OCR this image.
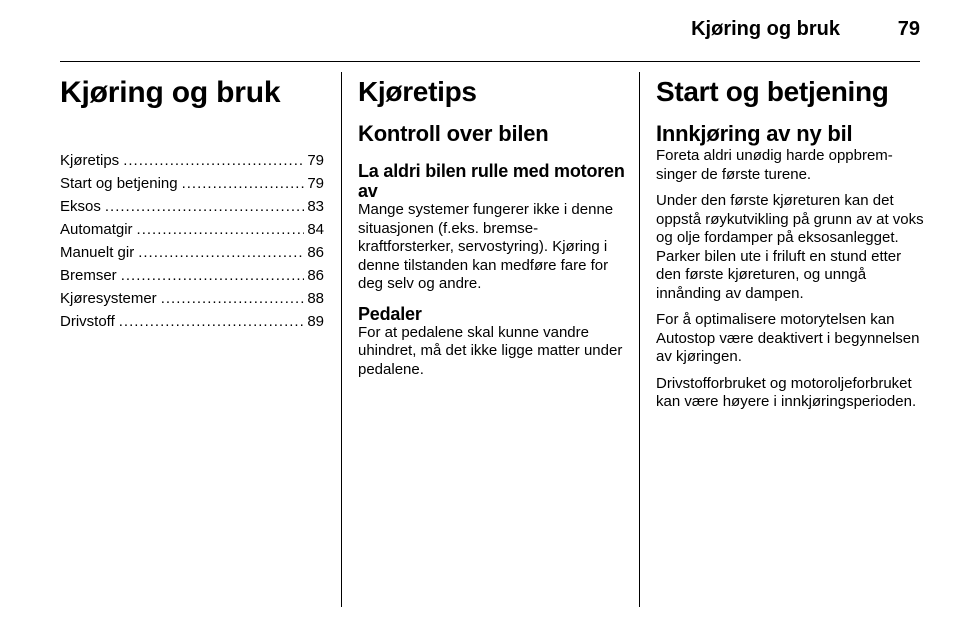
Kjøring og bruk	79
Kjøring og bruk
Kjøretips .....	79
Start og betjening .....	79
Eksos .....	83
Automatgir .....	84
Manuelt gir .....	86
Bremser .....	86
Kjøresystemer .....	88
Drivstoff .....	89
Kjøretips
Kontroll over bilen
La aldri bilen rulle med motoren av

Mange systemer fungerer ikke i denne situasjonen (f.eks. bremsekraftforsterker, servostyring). Kjøring i denne tilstanden kan medføre fare for deg selv og andre.

Pedaler

For at pedalene skal kunne vandre uhindret, må det ikke ligge matter under pedalene.

Start og betjening
Innkjøring av ny bil

Foreta aldri unødig harde oppbremsinger de første turene.

Under den første kjøreturen kan det oppstå røykutvikling på grunn av at voks og olje fordamper på eksosanlegget. Parker bilen ute i friluft en stund etter den første kjøreturen, og unngå innånding av dampen.

For å optimalisere motorytelsen kan Autostop være deaktivert i begynnelsen av kjøringen.

Drivstofforbruket og motoroljeforbruket kan være høyere i innkjøringsperioden.
